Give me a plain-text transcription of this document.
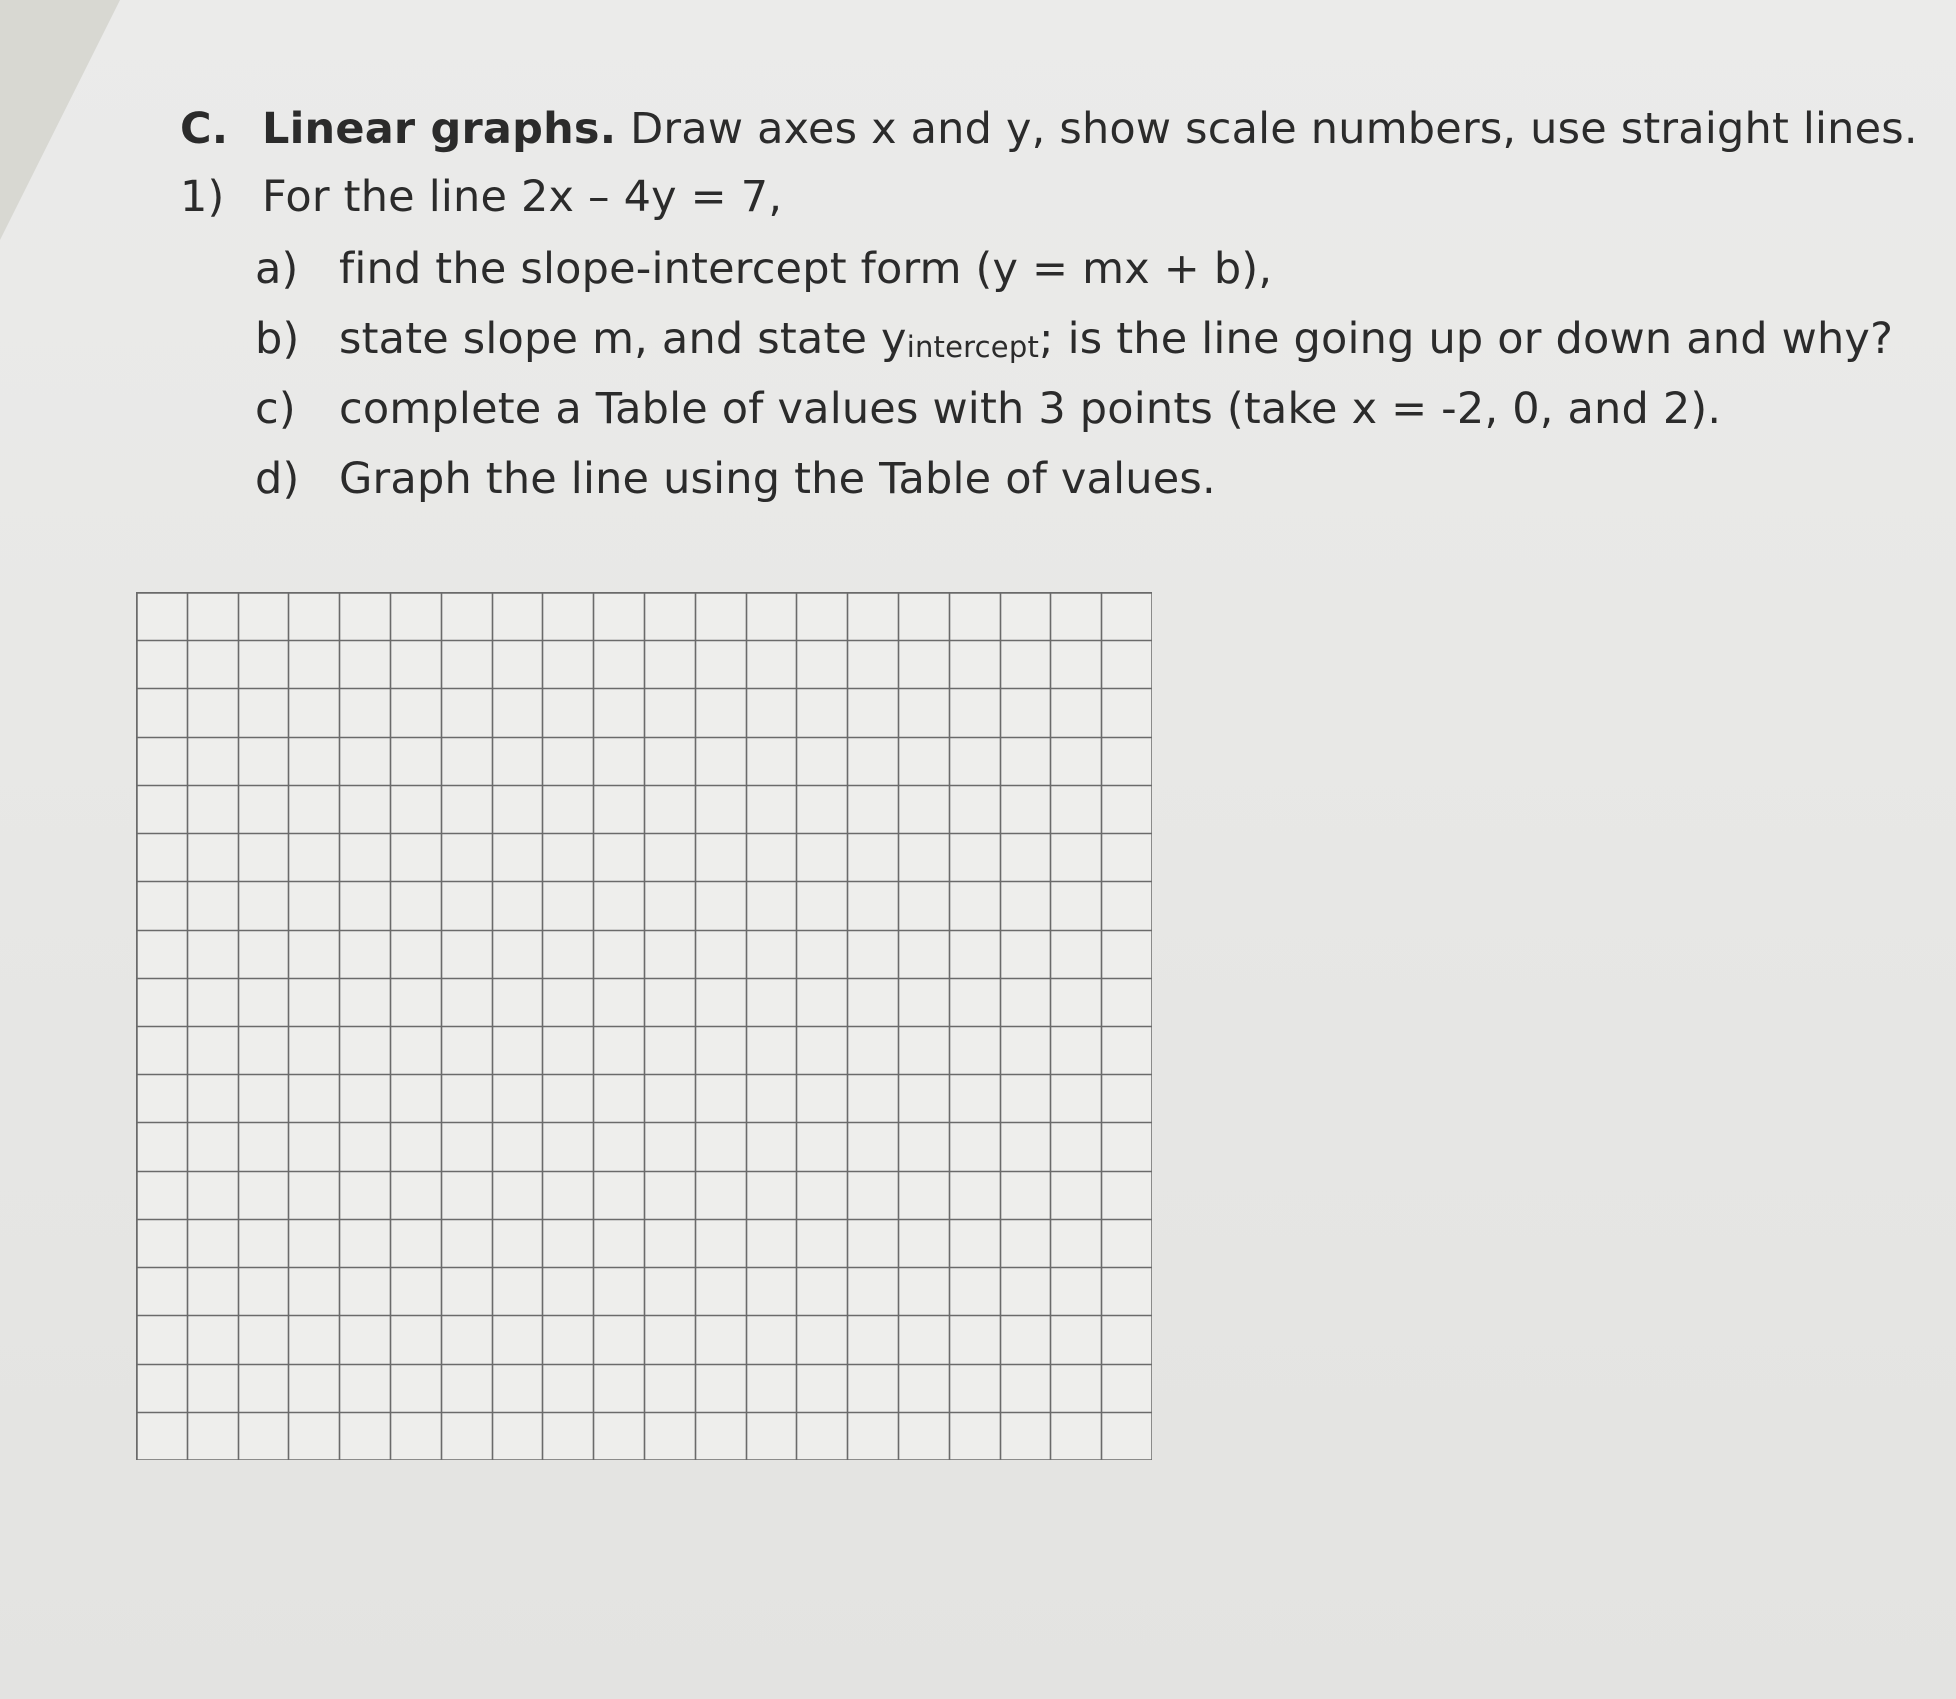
C. Linear graphs. Draw axes x and y, show scale numbers, use straight lines.
1) For the line 2x – 4y = 7,
a) find the slope-intercept form (y = mx + b),
b) state slope m, and state yintercept; is the line going up or down and why?
c) complete a Table of values with 3 points (take x = -2, 0, and 2).
d) Graph the line using the Table of values.
